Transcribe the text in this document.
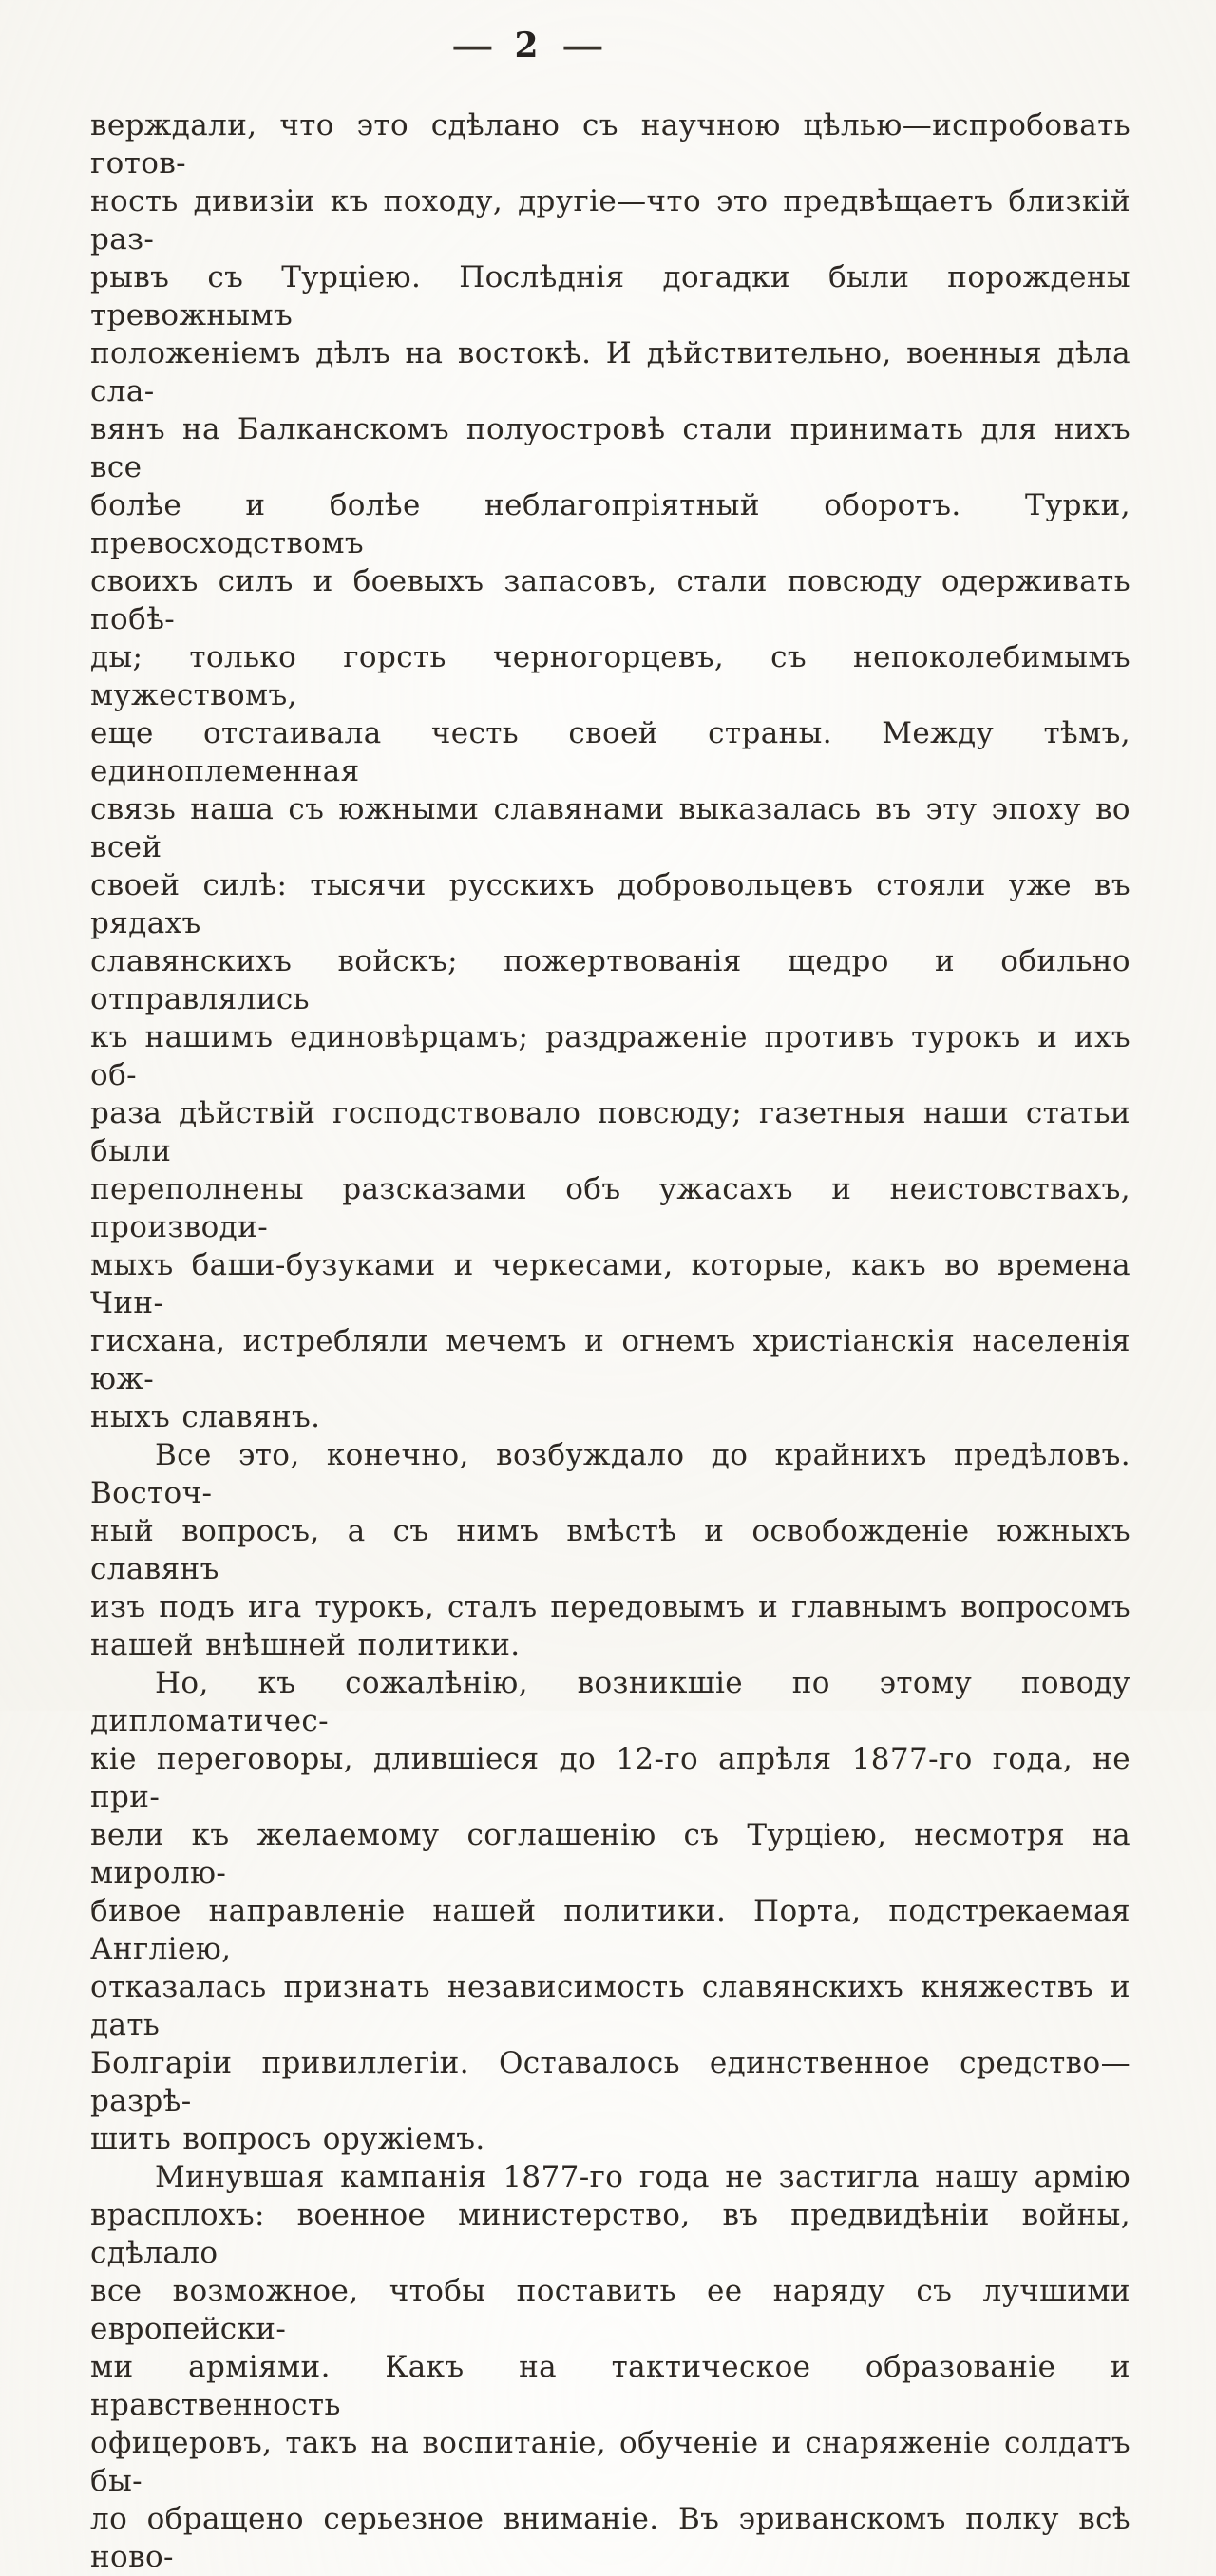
— 2 —

верждали, что это сдѣлано съ научною цѣлью—испробовать готов-
ность дивизіи къ походу, другіе—что это предвѣщаетъ близкій раз-
рывъ съ Турціею. Послѣднія догадки были порождены тревожнымъ
положеніемъ дѣлъ на востокѣ. И дѣйствительно, военныя дѣла сла-
вянъ на Балканскомъ полуостровѣ стали принимать для нихъ все
болѣе и болѣе неблагопріятный оборотъ. Турки, превосходствомъ
своихъ силъ и боевыхъ запасовъ, стали повсюду одерживать побѣ-
ды; только горсть черногорцевъ, съ непоколебимымъ мужествомъ,
еще отстаивала честь своей страны. Между тѣмъ, единоплеменная
связь наша съ южными славянами выказалась въ эту эпоху во всей
своей силѣ: тысячи русскихъ добровольцевъ стояли уже въ рядахъ
славянскихъ войскъ; пожертвованія щедро и обильно отправлялись
къ нашимъ единовѣрцамъ; раздраженіе противъ турокъ и ихъ об-
раза дѣйствій господствовало повсюду; газетныя наши статьи были
переполнены разсказами объ ужасахъ и неистовствахъ, производи-
мыхъ баши-бузуками и черкесами, которые, какъ во времена Чин-
гисхана, истребляли мечемъ и огнемъ христіанскія населенія юж-
ныхъ славянъ.

Все это, конечно, возбуждало до крайнихъ предѣловъ. Восточ-
ный вопросъ, а съ нимъ вмѣстѣ и освобожденіе южныхъ славянъ
изъ подъ ига турокъ, сталъ передовымъ и главнымъ вопросомъ
нашей внѣшней политики.

Но, къ сожалѣнію, возникшіе по этому поводу дипломатичес-
кіе переговоры, длившіеся до 12-го апрѣля 1877-го года, не при-
вели къ желаемому соглашенію съ Турціею, несмотря на миролю-
бивое направленіе нашей политики. Порта, подстрекаемая Англіею,
отказалась признать независимость славянскихъ княжествъ и дать
Болгаріи привиллегіи. Оставалось единственное средство—разрѣ-
шить вопросъ оружіемъ.

Минувшая кампанія 1877-го года не застигла нашу армію
врасплохъ: военное министерство, въ предвидѣніи войны, сдѣлало
все возможное, чтобы поставить ее наряду съ лучшими европейски-
ми арміями. Какъ на тактическое образованіе и нравственность
офицеровъ, такъ на воспитаніе, обученіе и снаряженіе солдатъ бы-
ло обращено серьезное вниманіе. Въ эриванскомъ полку всѣ ново-
